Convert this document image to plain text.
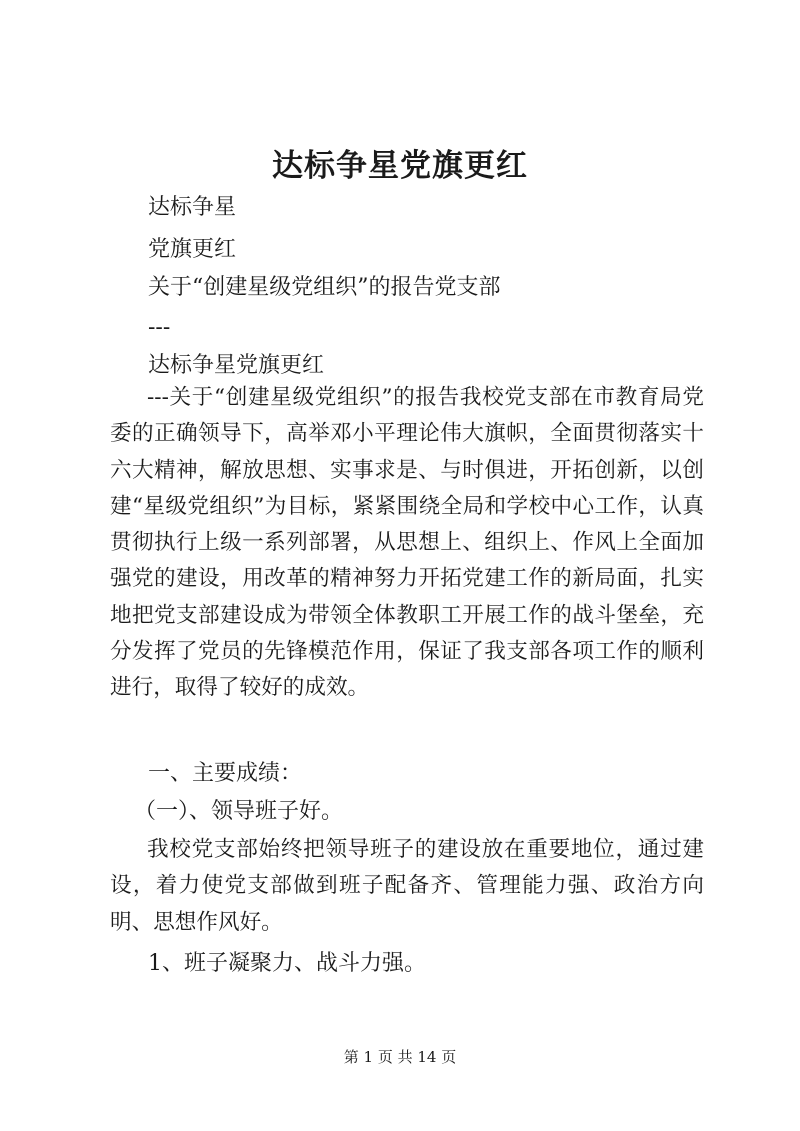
达标争星党旗更红

达标争星

党旗更红

关于“创建星级党组织”的报告党支部

---

达标争星党旗更红

---关于“创建星级党组织”的报告我校党支部在市教育局党委的正确领导下，高举邓小平理论伟大旗帜，全面贯彻落实十六大精神，解放思想、实事求是、与时俱进，开拓创新，以创建“星级党组织”为目标，紧紧围绕全局和学校中心工作，认真贯彻执行上级一系列部署，从思想上、组织上、作风上全面加强党的建设，用改革的精神努力开拓党建工作的新局面，扎实地把党支部建设成为带领全体教职工开展工作的战斗堡垒，充分发挥了党员的先锋模范作用，保证了我支部各项工作的顺利进行，取得了较好的成效。

一、主要成绩：

（一）、领导班子好。

我校党支部始终把领导班子的建设放在重要地位，通过建设，着力使党支部做到班子配备齐、管理能力强、政治方向明、思想作风好。

1、班子凝聚力、战斗力强。

第 1 页 共 14 页
